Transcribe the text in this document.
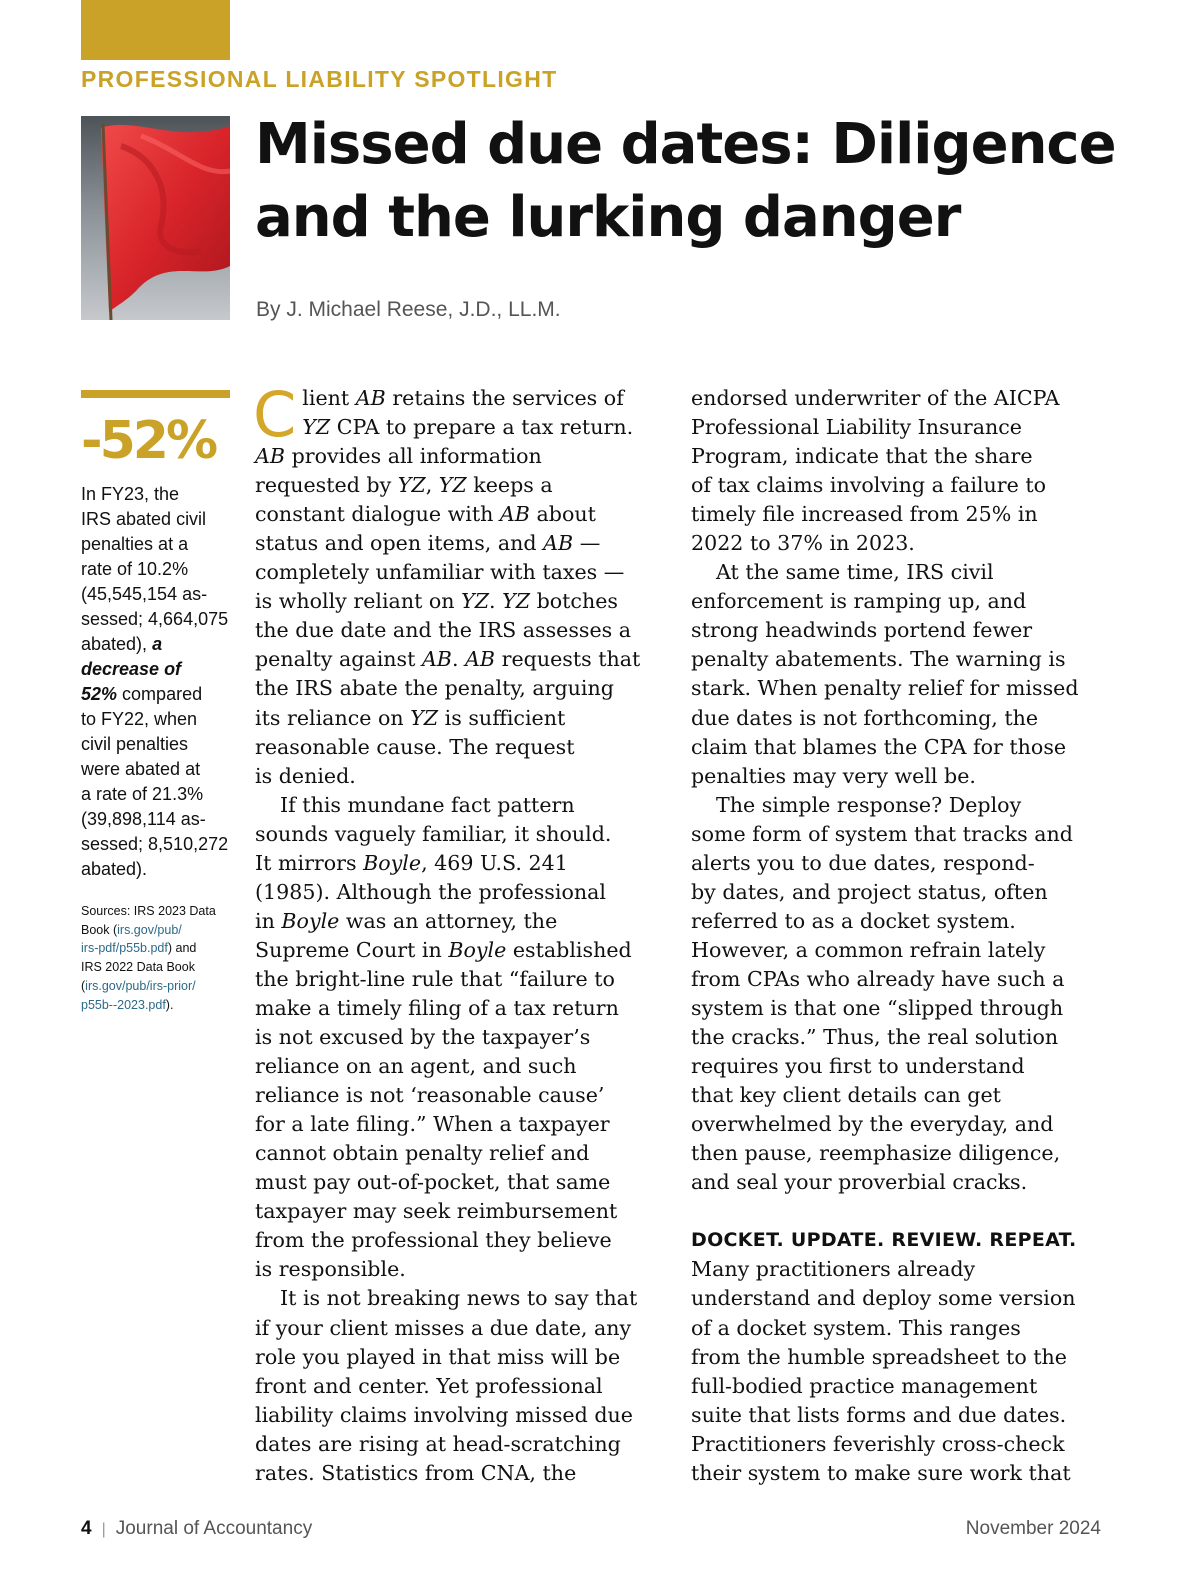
PROFESSIONAL LIABILITY SPOTLIGHT
Missed due dates: Diligence
and the lurking danger
By J. Michael Reese, J.D., LL.M.
-52%
In FY23, the
IRS abated civil
penalties at a
rate of 10.2%
(45,545,154 as-
sessed; 4,664,075
abated), a
decrease of
52% compared
to FY22, when
civil penalties
were abated at
a rate of 21.3%
(39,898,114 as-
sessed; 8,510,272
abated).
Sources: IRS 2023 Data
Book (irs.gov/pub/
irs-pdf/p55b.pdf) and
IRS 2022 Data Book
(irs.gov/pub/irs-prior/
p55b--2023.pdf).
C lient AB retains the services of
YZ CPA to prepare a tax return.
AB provides all information
requested by YZ, YZ keeps a
constant dialogue with AB about
status and open items, and AB —
completely unfamiliar with taxes —
is wholly reliant on YZ. YZ botches
the due date and the IRS assesses a
penalty against AB. AB requests that
the IRS abate the penalty, arguing
its reliance on YZ is sufficient
reasonable cause. The request
is denied.
If this mundane fact pattern
sounds vaguely familiar, it should.
It mirrors Boyle, 469 U.S. 241
(1985). Although the professional
in Boyle was an attorney, the
Supreme Court in Boyle established
the bright-line rule that “failure to
make a timely filing of a tax return
is not excused by the taxpayer’s
reliance on an agent, and such
reliance is not ‘reasonable cause’
for a late filing.” When a taxpayer
cannot obtain penalty relief and
must pay out-of-pocket, that same
taxpayer may seek reimbursement
from the professional they believe
is responsible.
It is not breaking news to say that
if your client misses a due date, any
role you played in that miss will be
front and center. Yet professional
liability claims involving missed due
dates are rising at head-scratching
rates. Statistics from CNA, the
endorsed underwriter of the AICPA
Professional Liability Insurance
Program, indicate that the share
of tax claims involving a failure to
timely file increased from 25% in
2022 to 37% in 2023.
At the same time, IRS civil
enforcement is ramping up, and
strong headwinds portend fewer
penalty abatements. The warning is
stark. When penalty relief for missed
due dates is not forthcoming, the
claim that blames the CPA for those
penalties may very well be.
The simple response? Deploy
some form of system that tracks and
alerts you to due dates, respond-
by dates, and project status, often
referred to as a docket system.
However, a common refrain lately
from CPAs who already have such a
system is that one “slipped through
the cracks.” Thus, the real solution
requires you first to understand
that key client details can get
overwhelmed by the everyday, and
then pause, reemphasize diligence,
and seal your proverbial cracks.
DOCKET. UPDATE. REVIEW. REPEAT.
Many practitioners already
understand and deploy some version
of a docket system. This ranges
from the humble spreadsheet to the
full-bodied practice management
suite that lists forms and due dates.
Practitioners feverishly cross-check
their system to make sure work that
4 | Journal of Accountancy	November 2024
